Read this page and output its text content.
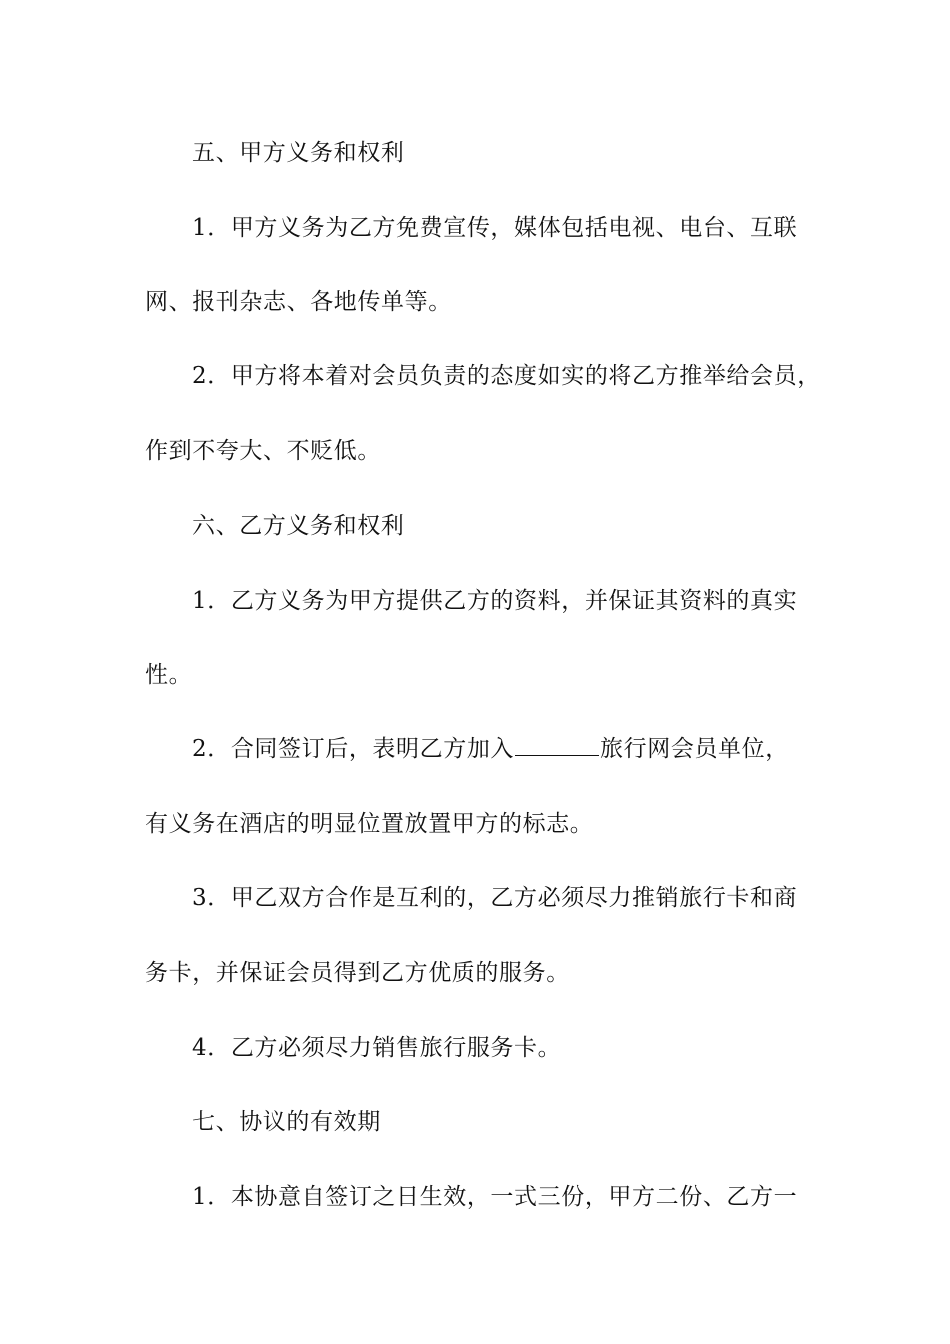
五、甲方义务和权利
1．甲方义务为乙方免费宣传，媒体包括电视、电台、互联
网、报刊杂志、各地传单等。
2．甲方将本着对会员负责的态度如实的将乙方推举给会员，
作到不夸大、不贬低。
六、乙方义务和权利
1．乙方义务为甲方提供乙方的资料，并保证其资料的真实
性。
2．合同签订后，表明乙方加入	旅行网会员单位，
有义务在酒店的明显位置放置甲方的标志。
3．甲乙双方合作是互利的，乙方必须尽力推销旅行卡和商
务卡，并保证会员得到乙方优质的服务。
4．乙方必须尽力销售旅行服务卡。
七、协议的有效期
1．本协意自签订之日生效，一式三份，甲方二份、乙方一
